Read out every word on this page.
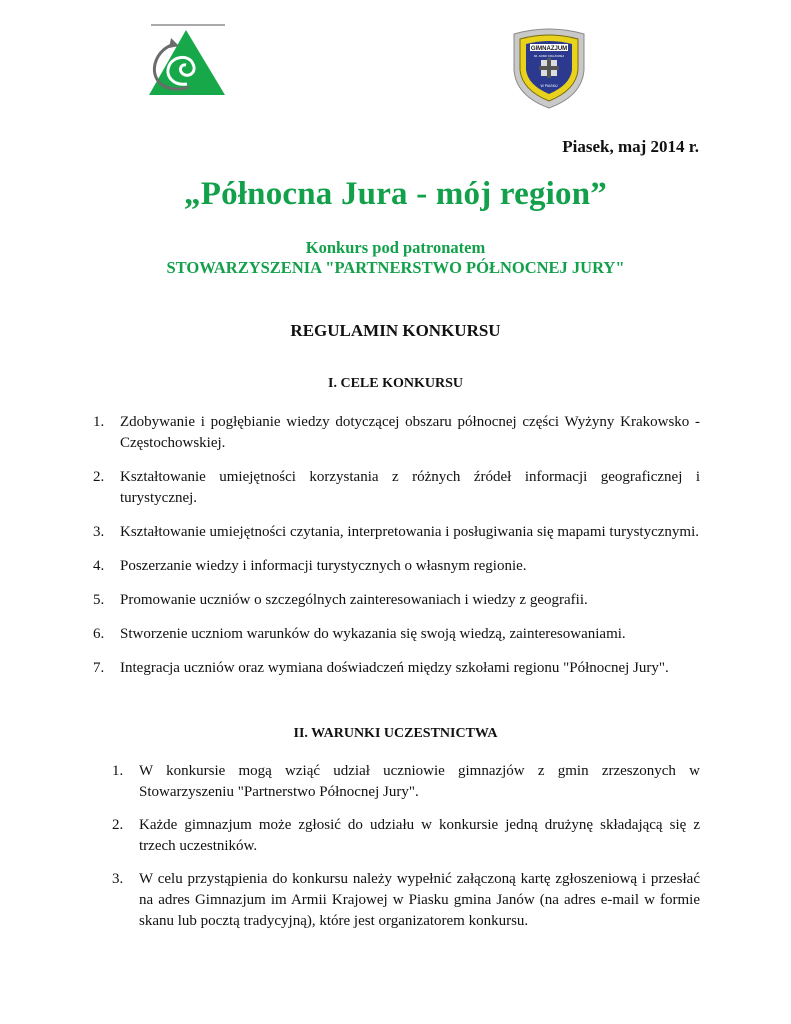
GIMNAZJUM
IM. ARMII KRAJOWEJ
W PIASKU
Piasek, maj 2014 r.
„Północna Jura - mój region”
Konkurs pod patronatem
STOWARZYSZENIA "PARTNERSTWO PÓŁNOCNEJ JURY"
REGULAMIN KONKURSU
I. CELE KONKURSU
1. Zdobywanie i pogłębianie wiedzy dotyczącej obszaru północnej części Wyżyny Krakowsko -Częstochowskiej.
2. Kształtowanie umiejętności korzystania z różnych źródeł informacji geograficznej i turystycznej.
3. Kształtowanie umiejętności czytania, interpretowania i posługiwania się mapami turystycznymi.
4. Poszerzanie wiedzy i informacji turystycznych o własnym regionie.
5. Promowanie uczniów o szczególnych zainteresowaniach i wiedzy z geografii.
6. Stworzenie uczniom warunków do wykazania się swoją wiedzą, zainteresowaniami.
7. Integracja uczniów oraz wymiana doświadczeń między szkołami regionu "Północnej Jury".
II. WARUNKI UCZESTNICTWA
1. W konkursie mogą wziąć udział uczniowie gimnazjów z gmin zrzeszonych w Stowarzyszeniu "Partnerstwo Północnej Jury".
2. Każde gimnazjum może zgłosić do udziału w konkursie jedną drużynę składającą się z trzech uczestników.
3. W celu przystąpienia do konkursu należy wypełnić załączoną kartę zgłoszeniową i przesłać na adres Gimnazjum im Armii Krajowej w Piasku gmina Janów (na adres e-mail w formie skanu lub pocztą tradycyjną), które jest organizatorem konkursu.
